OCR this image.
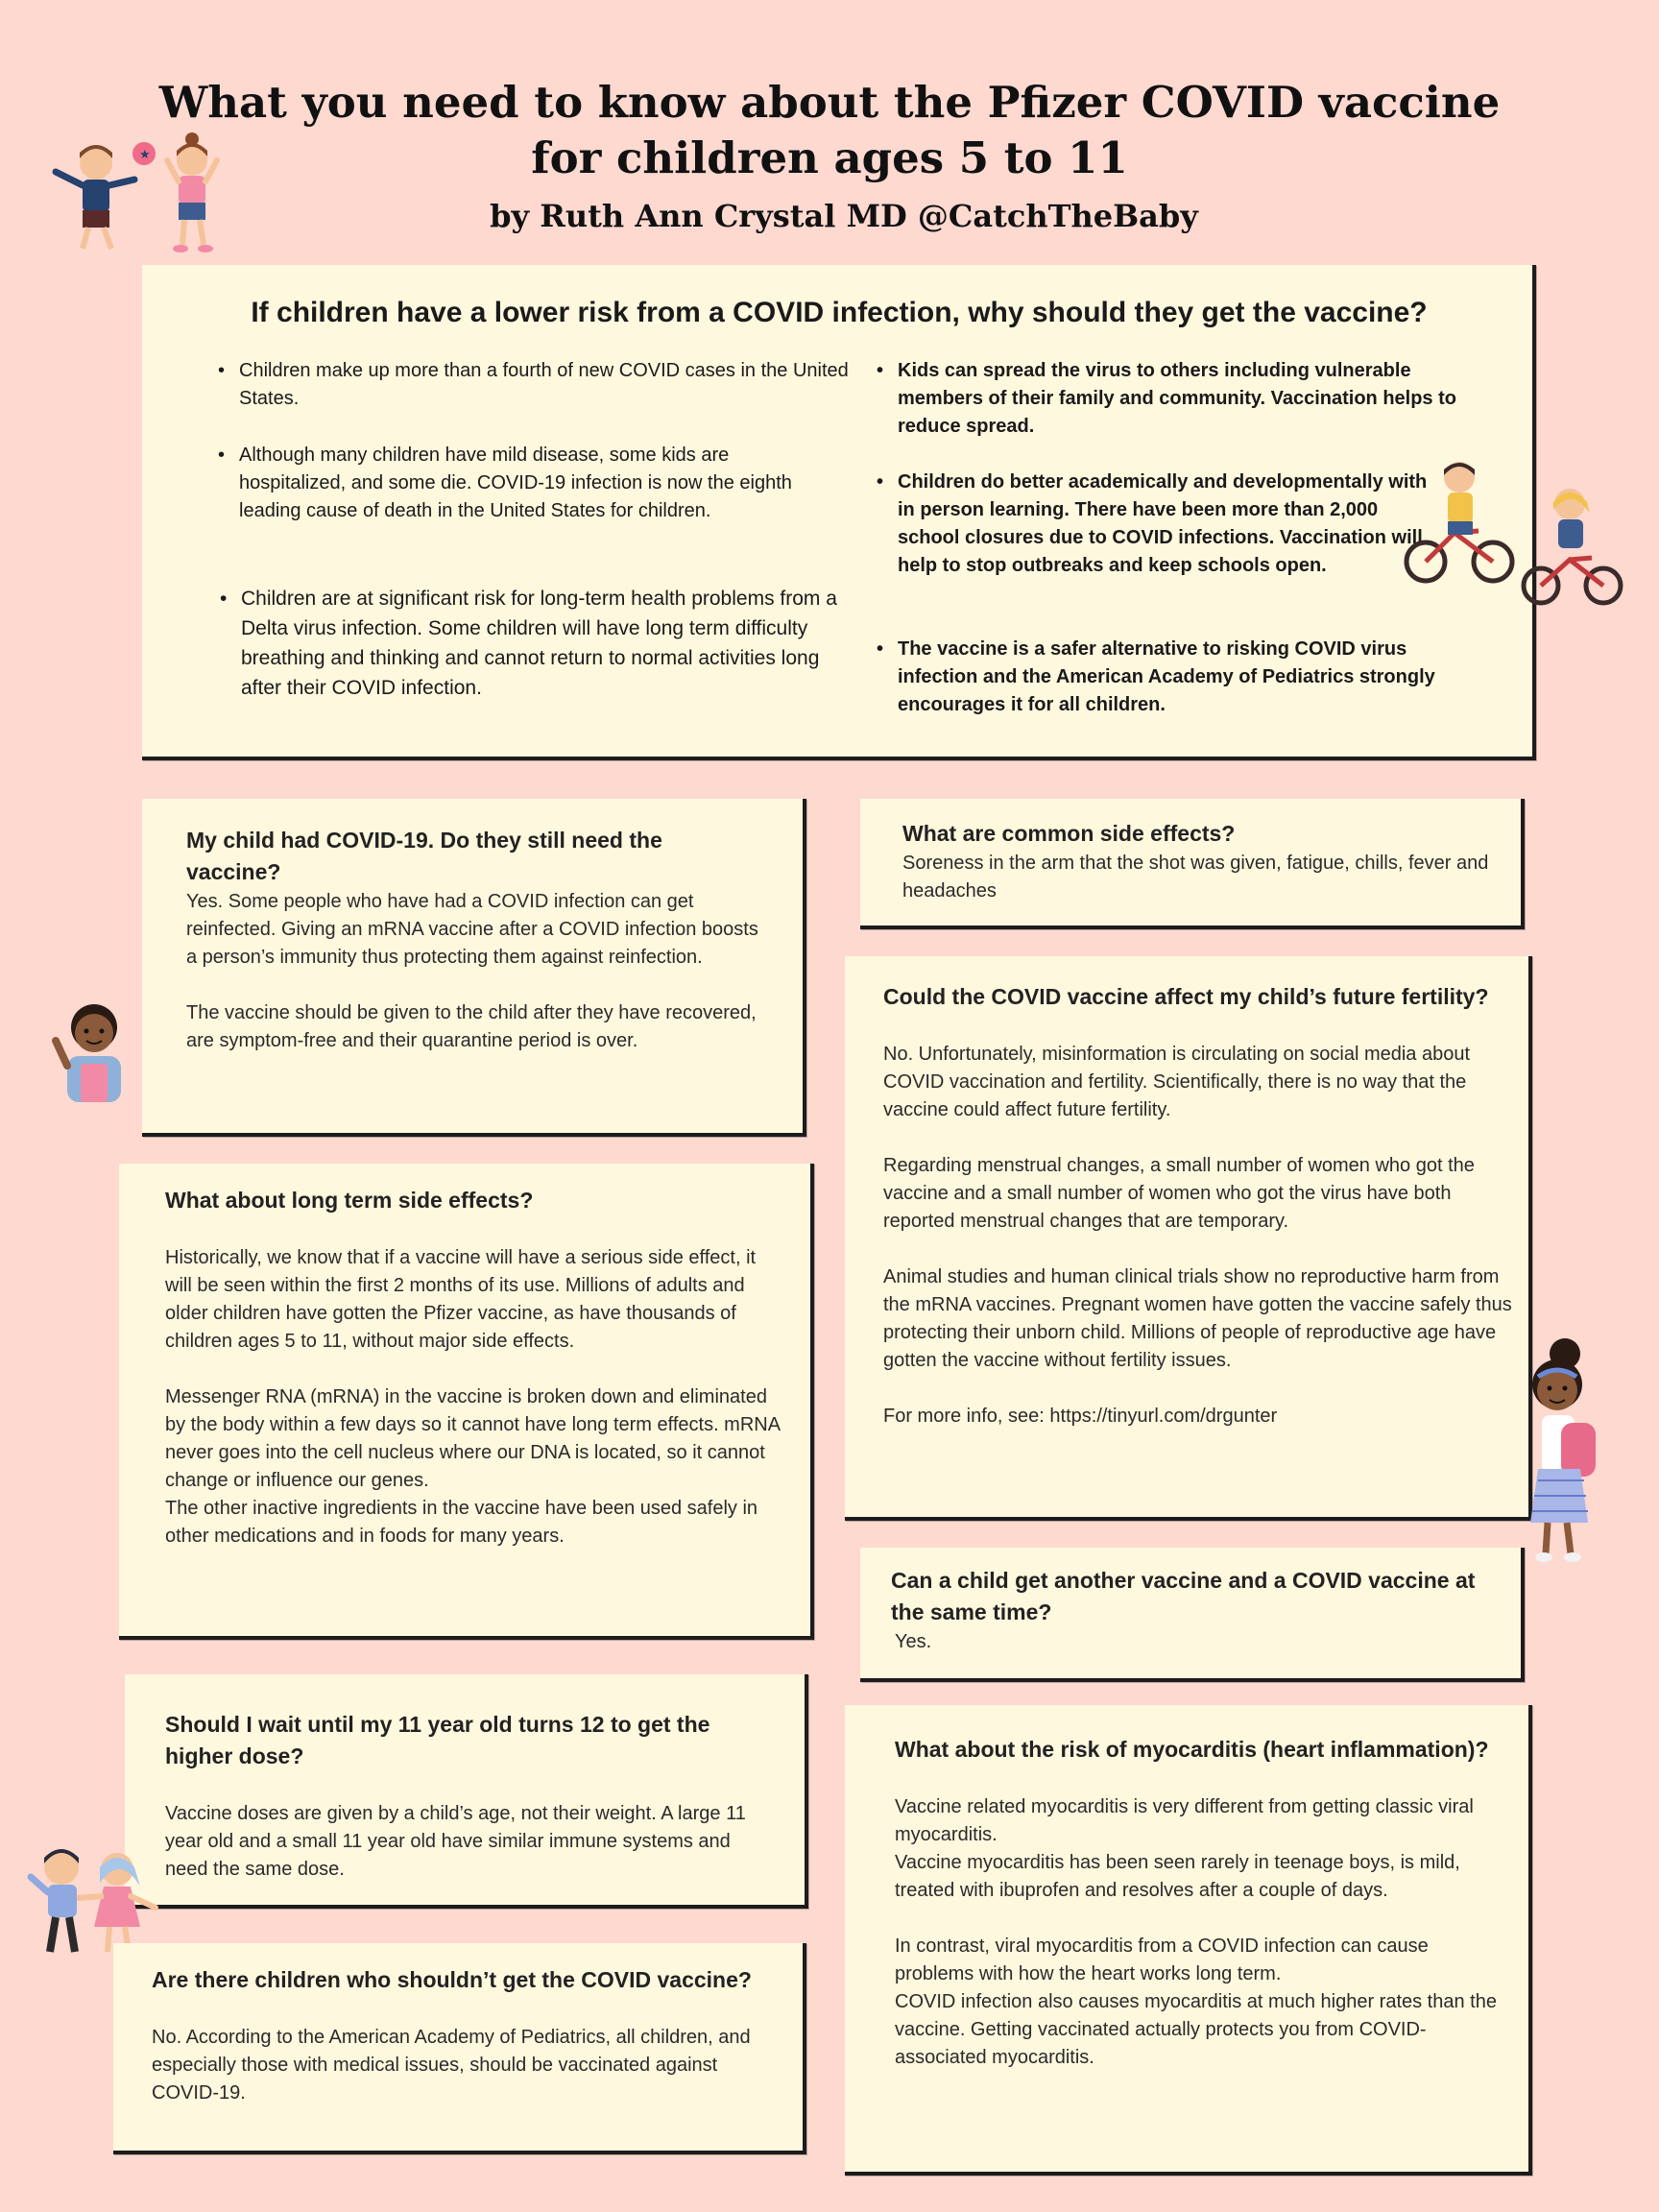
What you need to know about the Pfizer COVID vaccine
for children ages 5 to 11
by Ruth Ann Crystal MD @CatchTheBaby
★
If children have a lower risk from a COVID infection, why should they get the vaccine?
• Children make up more than a fourth of new COVID cases in the United States.
• Although many children have mild disease, some kids are hospitalized, and some die. COVID-19 infection is now the eighth leading cause of death in the United States for children.
• Children are at significant risk for long-term health problems from a Delta virus infection. Some children will have long term difficulty breathing and thinking and cannot return to normal activities long after their COVID infection.
• Kids can spread the virus to others including vulnerable members of their family and community. Vaccination helps to reduce spread.
• Children do better academically and developmentally with in person learning. There have been more than 2,000 school closures due to COVID infections. Vaccination will help to stop outbreaks and keep schools open.
• The vaccine is a safer alternative to risking COVID virus infection and the American Academy of Pediatrics strongly encourages it for all children.
My child had COVID-19. Do they still need the vaccine?

Yes. Some people who have had a COVID infection can get reinfected. Giving an mRNA vaccine after a COVID infection boosts a person’s immunity thus protecting them against reinfection.

The vaccine should be given to the child after they have recovered, are symptom-free and their quarantine period is over.

What about long term side effects?

Historically, we know that if a vaccine will have a serious side effect, it will be seen within the first 2 months of its use. Millions of adults and older children have gotten the Pfizer vaccine, as have thousands of children ages 5 to 11, without major side effects.

Messenger RNA (mRNA) in the vaccine is broken down and eliminated by the body within a few days so it cannot have long term effects. mRNA never goes into the cell nucleus where our DNA is located, so it cannot change or influence our genes.
The other inactive ingredients in the vaccine have been used safely in other medications and in foods for many years.

Should I wait until my 11 year old turns 12 to get the higher dose?

Vaccine doses are given by a child’s age, not their weight. A large 11 year old and a small 11 year old have similar immune systems and need the same dose.

Are there children who shouldn’t get the COVID vaccine?

No. According to the American Academy of Pediatrics, all children, and especially those with medical issues, should be vaccinated against COVID-19.

What are common side effects?

Soreness in the arm that the shot was given, fatigue, chills, fever and headaches

Could the COVID vaccine affect my child’s future fertility?

No. Unfortunately, misinformation is circulating on social media about COVID vaccination and fertility. Scientifically, there is no way that the vaccine could affect future fertility.

Regarding menstrual changes, a small number of women who got the vaccine and a small number of women who got the virus have both reported menstrual changes that are temporary.

Animal studies and human clinical trials show no reproductive harm from the mRNA vaccines. Pregnant women have gotten the vaccine safely thus protecting their unborn child. Millions of people of reproductive age have gotten the vaccine without fertility issues.

For more info, see: https://tinyurl.com/drgunter

Can a child get another vaccine and a COVID vaccine at the same time?

Yes.

What about the risk of myocarditis (heart inflammation)?

Vaccine related myocarditis is very different from getting classic viral myocarditis.
Vaccine myocarditis has been seen rarely in teenage boys, is mild, treated with ibuprofen and resolves after a couple of days.

In contrast, viral myocarditis from a COVID infection can cause problems with how the heart works long term.
COVID infection also causes myocarditis at much higher rates than the vaccine. Getting vaccinated actually protects you from COVID-associated myocarditis.
